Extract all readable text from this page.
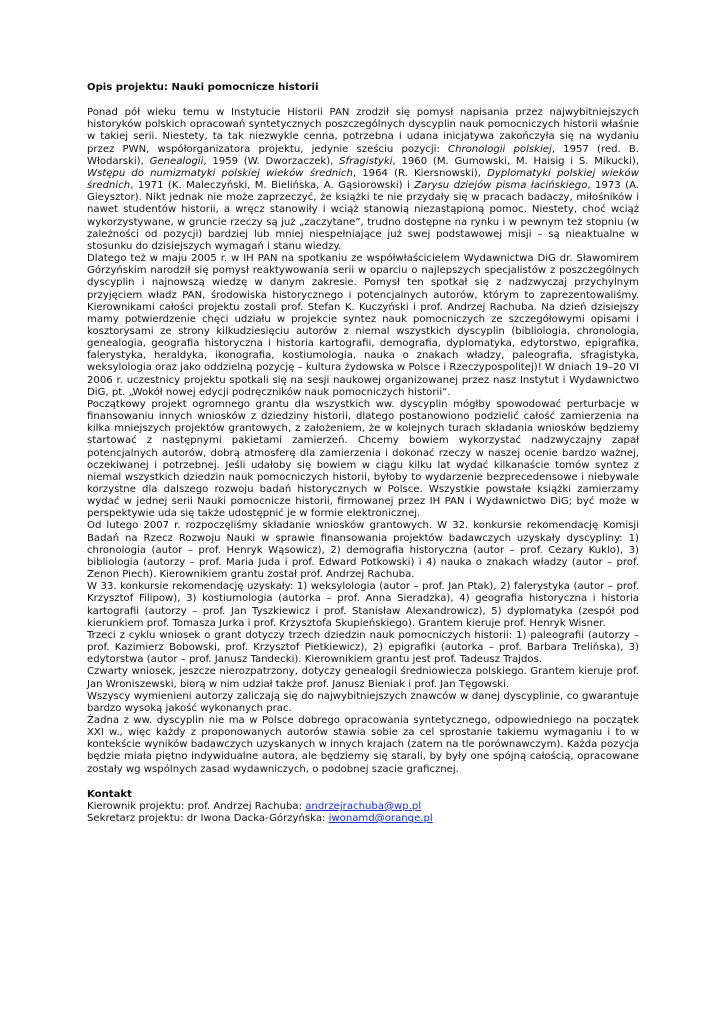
Opis projektu: Nauki pomocnicze historii

Ponad pół wieku temu w Instytucie Historii PAN zrodził się pomysł napisania przez najwybitniejszych historyków polskich opracowań syntetycznych poszczególnych dyscyplin nauk pomocniczych historii właśnie w takiej serii. Niestety, ta tak niezwykle cenna, potrzebna i udana inicjatywa zakończyła się na wydaniu przez PWN, współorganizatora projektu, jedynie sześciu pozycji: Chronologii polskiej, 1957 (red. B. Włodarski), Genealogii, 1959 (W. Dworzaczek), Sfragistyki, 1960 (M. Gumowski, M. Haisig i S. Mikucki), Wstępu do numizmatyki polskiej wieków średnich, 1964 (R. Kiersnowski), Dyplomatyki polskiej wieków średnich, 1971 (K. Maleczyński, M. Bielińska, A. Gąsiorowski) i Zarysu dziejów pisma łacińskiego, 1973 (A. Gieysztor). Nikt jednak nie może zaprzeczyć, że książki te nie przydały się w pracach badaczy, miłośników i nawet studentów historii, a wręcz stanowiły i wciąż stanowią niezastąpioną pomoc. Niestety, choć wciąż wykorzystywane, w gruncie rzeczy są już „zaczytane”, trudno dostępne na rynku i w pewnym też stopniu (w zależności od pozycji) bardziej lub mniej niespełniające już swej podstawowej misji – są nieaktualne w stosunku do dzisiejszych wymagań i stanu wiedzy.

Dlatego też w maju 2005 r. w IH PAN na spotkaniu ze współwłaścicielem Wydawnictwa DiG dr. Sławomirem Górzyńskim narodził się pomysł reaktywowania serii w oparciu o najlepszych specjalistów z poszczególnych dyscyplin i najnowszą wiedzę w danym zakresie. Pomysł ten spotkał się z nadzwyczaj przychylnym przyjęciem władz PAN, środowiska historycznego i potencjalnych autorów, którym to zaprezentowaliśmy. Kierownikami całości projektu zostali prof. Stefan K. Kuczyński i prof. Andrzej Rachuba. Na dzień dzisiejszy mamy potwierdzenie chęci udziału w projekcie syntez nauk pomocniczych ze szczegółowymi opisami i kosztorysami ze strony kilkudziesięciu autorów z niemal wszystkich dyscyplin (bibliologia, chronologia, genealogia, geografia historyczna i historia kartografii, demografia, dyplomatyka, edytorstwo, epigrafika, falerystyka, heraldyka, ikonografia, kostiumologia, nauka o znakach władzy, paleografia, sfragistyka, weksylologia oraz jako oddzielną pozycję – kultura żydowska w Polsce i Rzeczypospolitej)! W dniach 19–20 VI 2006 r. uczestnicy projektu spotkali się na sesji naukowej organizowanej przez nasz Instytut i Wydawnictwo DiG, pt. „Wokół nowej edycji podręczników nauk pomocniczych historii”.

Początkowy projekt ogromnego grantu dla wszystkich ww. dyscyplin mógłby spowodować perturbacje w finansowaniu innych wniosków z dziedziny historii, dlatego postanowiono podzielić całość zamierzenia na kilka mniejszych projektów grantowych, z założeniem, że w kolejnych turach składania wniosków będziemy startować z następnymi pakietami zamierzeń. Chcemy bowiem wykorzystać nadzwyczajny zapał potencjalnych autorów, dobrą atmosferę dla zamierzenia i dokonać rzeczy w naszej ocenie bardzo ważnej, oczekiwanej i potrzebnej. Jeśli udałoby się bowiem w ciągu kilku lat wydać kilkanaście tomów syntez z niemal wszystkich dziedzin nauk pomocniczych historii, byłoby to wydarzenie bezprecedensowe i niebywale korzystne dla dalszego rozwoju badań historycznych w Polsce. Wszystkie powstałe książki zamierzamy wydać w jednej serii Nauki pomocnicze historii, firmowanej przez IH PAN i Wydawnictwo DiG; być może w perspektywie uda się także udostępnić je w formie elektronicznej.

Od lutego 2007 r. rozpoczęliśmy składanie wniosków grantowych. W 32. konkursie rekomendację Komisji Badań na Rzecz Rozwoju Nauki w sprawie finansowania projektów badawczych uzyskały dyscypliny: 1) chronologia (autor – prof. Henryk Wąsowicz), 2) demografia historyczna (autor – prof. Cezary Kuklo), 3) bibliologia (autorzy – prof. Maria Juda i prof. Edward Potkowski) i 4) nauka o znakach władzy (autor – prof. Zenon Piech). Kierownikiem grantu został prof. Andrzej Rachuba.

W 33. konkursie rekomendację uzyskały: 1) weksylologia (autor – prof. Jan Ptak), 2) falerystyka (autor – prof. Krzysztof Filipow), 3) kostiumologia (autorka – prof. Anna Sieradzka), 4) geografia historyczna i historia kartografii (autorzy – prof. Jan Tyszkiewicz i prof. Stanisław Alexandrowicz), 5) dyplomatyka (zespół pod kierunkiem prof. Tomasza Jurka i prof. Krzysztofa Skupieńskiego). Grantem kieruje prof. Henryk Wisner.

Trzeci z cyklu wniosek o grant dotyczy trzech dziedzin nauk pomocniczych historii: 1) paleografii (autorzy – prof. Kazimierz Bobowski, prof. Krzysztof Pietkiewicz), 2) epigrafiki (autorka – prof. Barbara Trelińska), 3) edytorstwa (autor – prof. Janusz Tandecki). Kierownikiem grantu jest prof. Tadeusz Trajdos.

Czwarty wniosek, jeszcze nierozpatrzony, dotyczy genealogii średniowiecza polskiego. Grantem kieruje prof. Jan Wroniszewski, biorą w nim udział także prof. Janusz Bieniak i prof. Jan Tęgowski.

Wszyscy wymienieni autorzy zaliczają się do najwybitniejszych znawców w danej dyscyplinie, co gwarantuje bardzo wysoką jakość wykonanych prac.

Żadna z ww. dyscyplin nie ma w Polsce dobrego opracowania syntetycznego, odpowiedniego na początek XXI w., więc każdy z proponowanych autorów stawia sobie za cel sprostanie takiemu wymaganiu i to w kontekście wyników badawczych uzyskanych w innych krajach (zatem na tle porównawczym). Każda pozycja będzie miała piętno indywidualne autora, ale będziemy się starali, by były one spójną całością, opracowane zostały wg wspólnych zasad wydawniczych, o podobnej szacie graficznej.

Kontakt

Kierownik projektu: prof. Andrzej Rachuba: andrzejrachuba@wp.pl

Sekretarz projektu: dr Iwona Dacka-Górzyńska: iwonamd@orange.pl
